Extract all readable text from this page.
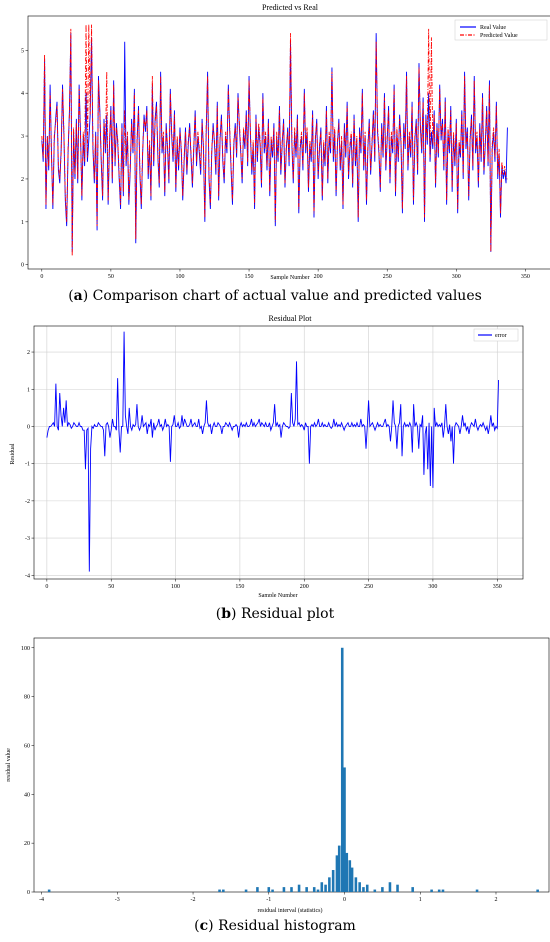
Predicted vs Real
0	50	100	150	200	250	300	350
0
1
2
3
4
5
Real Value
Predicted Value
Sample Number
(a) Comparison chart of actual value and predicted values
Residual Plot
0	50	100	150	200	250	300	350
-4
-3
-2
-1
0
1
2
error
Sample Number
Residual
(b) Residual plot
-4	-3	-2	-1	0	1	2
0
20
40
60
80
100
residual interval (statistics)
residual value
(c) Residual histogram
